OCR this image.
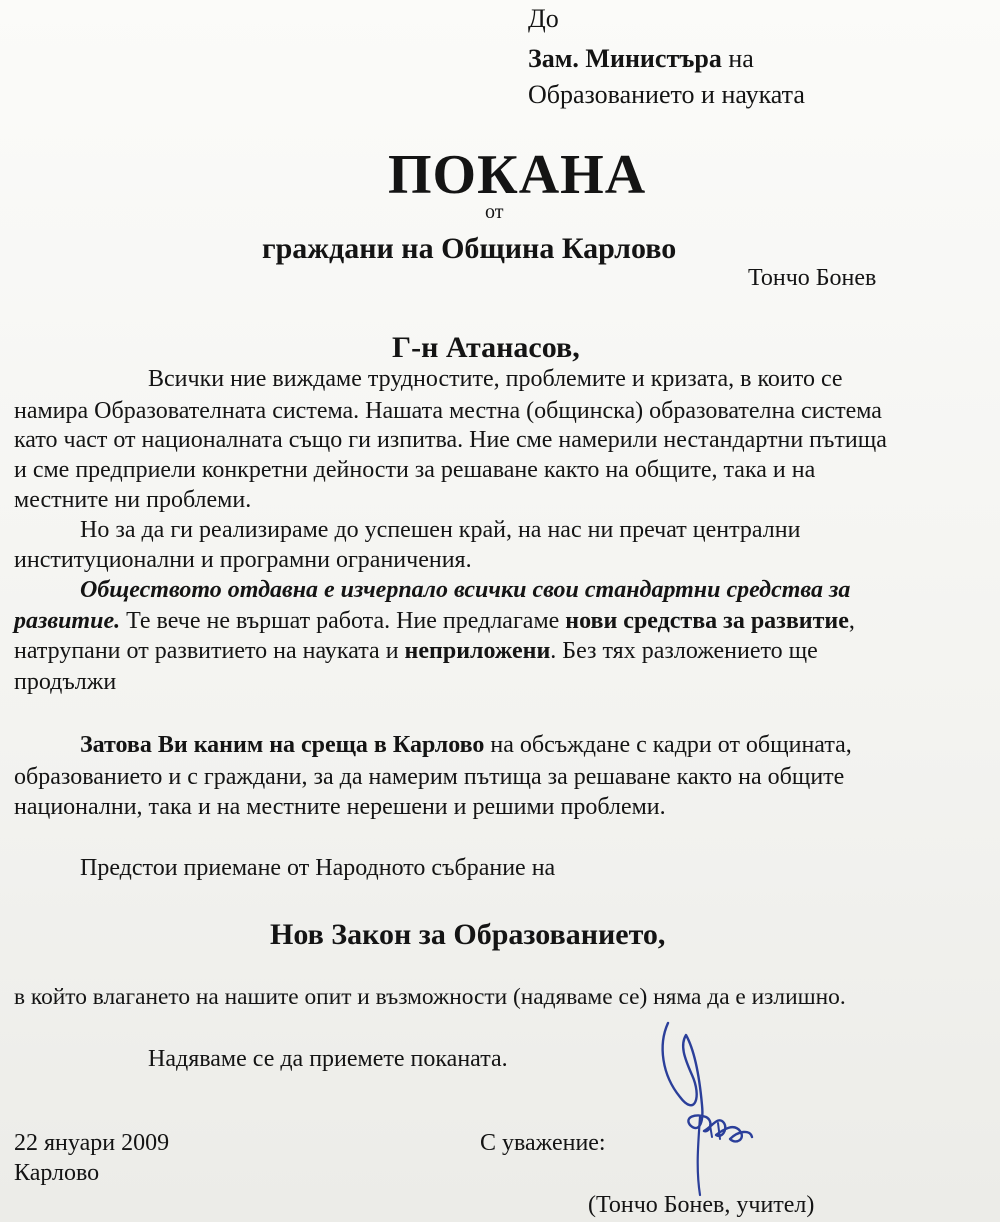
До
Зам. Министъра на
Образованието и науката
ПОКАНА
от
граждани на Община Карлово
Тончо Бонев
Г-н Атанасов,
Всички ние виждаме трудностите, проблемите и кризата, в които се
намира Образователната система. Нашата местна (общинска) образователна система
като част от националната също ги изпитва. Ние сме намерили нестандартни пътища
и сме предприели конкретни дейности за решаване както на общите, така и на
местните ни проблеми.
Но за да ги реализираме до успешен край, на нас ни пречат централни
институционални и програмни ограничения.
Обществото отдавна е изчерпало всички свои стандартни средства за
развитие. Те вече не вършат работа. Ние предлагаме нови средства за развитие,
натрупани от развитието на науката и неприложени. Без тях разложението ще
продължи
Затова Ви каним на среща в Карлово на обсъждане с кадри от общината,
образованието и с граждани, за да намерим пътища за решаване както на общите
национални, така и на местните нерешени и решими проблеми.
Предстои приемане от Народното събрание на
Нов Закон за Образованието,
в който влагането на нашите опит и възможности (надяваме се) няма да е излишно.
Надяваме се да приемете поканата.
22 януари 2009
Карлово
С уважение:
(Тончо Бонев, учител)
